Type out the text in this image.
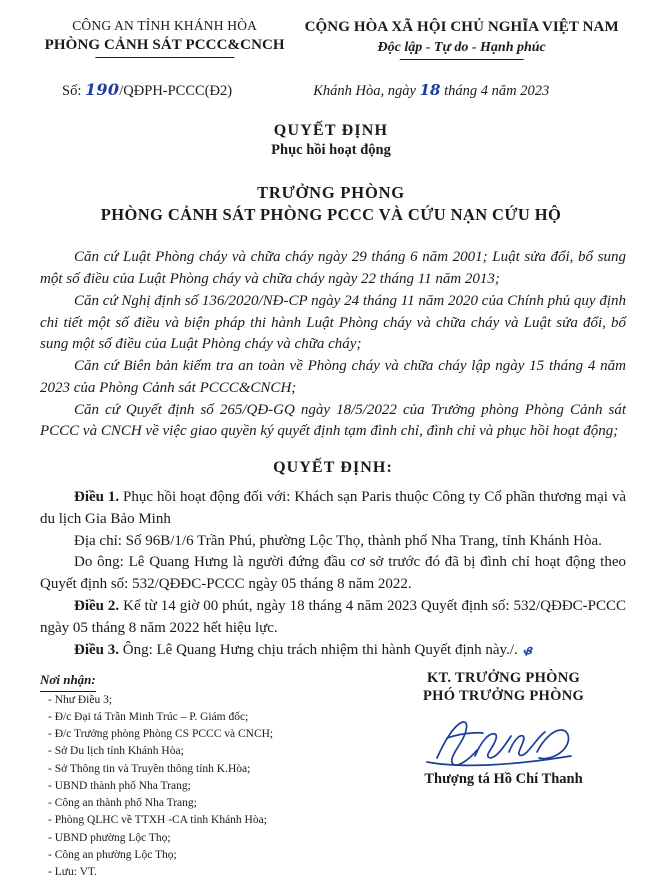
CÔNG AN TỈNH KHÁNH HÒA
PHÒNG CẢNH SÁT PCCC&CNCH
CỘNG HÒA XÃ HỘI CHỦ NGHĨA VIỆT NAM
Độc lập - Tự do - Hạnh phúc
Số: 190/QĐPH-PCCC(Đ2)	Khánh Hòa, ngày 18 tháng 4 năm 2023
QUYẾT ĐỊNH
Phục hồi hoạt động
TRƯỞNG PHÒNG
PHÒNG CẢNH SÁT PHÒNG PCCC VÀ CỨU NẠN CỨU HỘ

Căn cứ Luật Phòng cháy và chữa cháy ngày 29 tháng 6 năm 2001; Luật sửa đổi, bổ sung một số điều của Luật Phòng cháy và chữa cháy ngày 22 tháng 11 năm 2013;

Căn cứ Nghị định số 136/2020/NĐ-CP ngày 24 tháng 11 năm 2020 của Chính phủ quy định chi tiết một số điều và biện pháp thi hành Luật Phòng cháy và chữa cháy và Luật sửa đổi, bổ sung một số điều của Luật Phòng cháy và chữa cháy;

Căn cứ Biên bản kiểm tra an toàn về Phòng cháy và chữa cháy lập ngày 15 tháng 4 năm 2023 của Phòng Cảnh sát PCCC&CNCH;

Căn cứ Quyết định số 265/QĐ-GQ ngày 18/5/2022 của Trưởng phòng Phòng Cảnh sát PCCC và CNCH về việc giao quyền ký quyết định tạm đình chỉ, đình chỉ và phục hồi hoạt động;

QUYẾT ĐỊNH:

Điều 1. Phục hồi hoạt động đối với: Khách sạn Paris thuộc Công ty Cổ phần thương mại và du lịch Gia Bảo Minh

Địa chỉ: Số 96B/1/6 Trần Phú, phường Lộc Thọ, thành phố Nha Trang, tỉnh Khánh Hòa.

Do ông: Lê Quang Hưng là người đứng đầu cơ sở trước đó đã bị đình chỉ hoạt động theo Quyết định số: 532/QĐĐC-PCCC ngày 05 tháng 8 năm 2022.

Điều 2. Kể từ 14 giờ 00 phút, ngày 18 tháng 4 năm 2023 Quyết định số: 532/QĐĐC-PCCC ngày 05 tháng 8 năm 2022 hết hiệu lực.

Điều 3. Ông: Lê Quang Hưng chịu trách nhiệm thi hành Quyết định này./. ᏸ

Nơi nhận:
- Như Điều 3;
- Đ/c Đại tá Trần Minh Trúc – P. Giám đốc;
- Đ/c Trưởng phòng Phòng CS PCCC và CNCH;
- Sở Du lịch tỉnh Khánh Hòa;
- Sở Thông tin và Truyền thông tỉnh K.Hòa;
- UBND thành phố Nha Trang;
- Công an thành phố Nha Trang;
- Phòng QLHC về TTXH -CA tỉnh Khánh Hòa;
- UBND phường Lộc Thọ;
- Công an phường Lộc Thọ;
- Lưu: VT.
KT. TRƯỞNG PHÒNG
PHÓ TRƯỞNG PHÒNG
Thượng tá Hồ Chí Thanh
